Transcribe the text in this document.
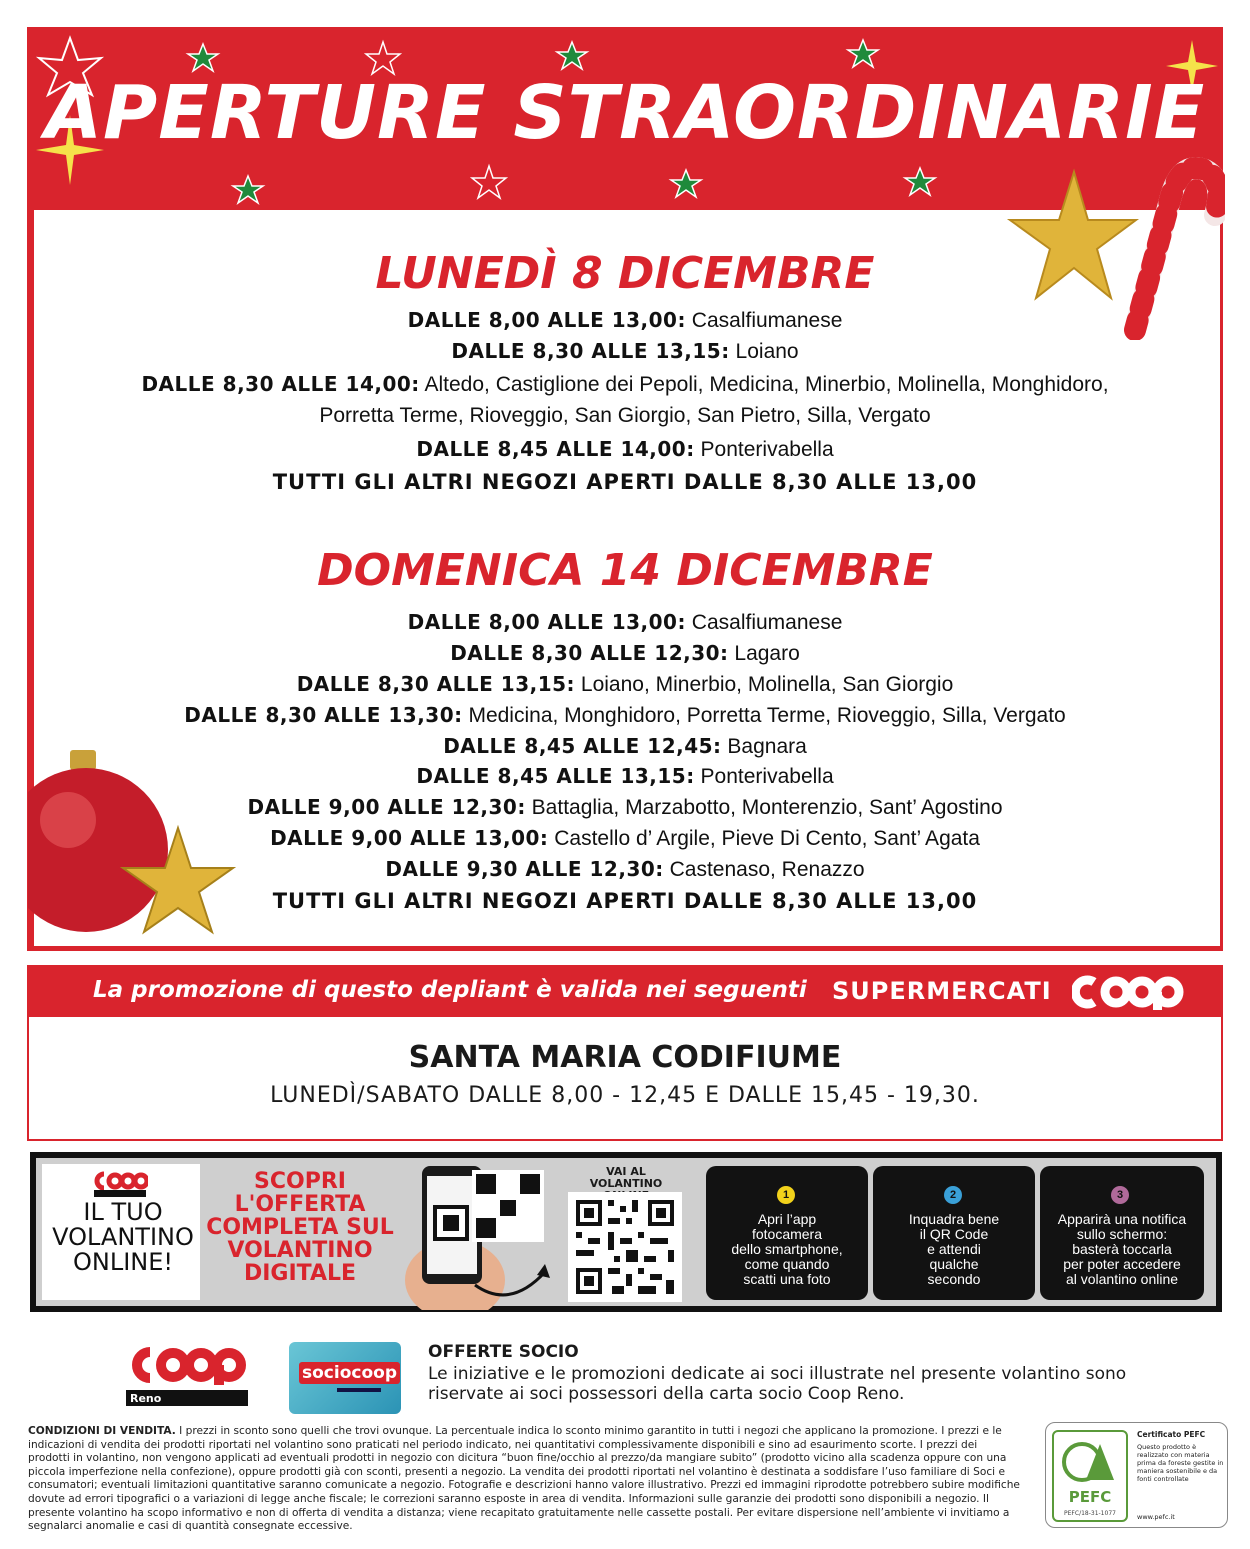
APERTURE STRAORDINARIE
LUNEDÌ 8 DICEMBRE
DALLE 8,00 ALLE 13,00: Casalfiumanese
DALLE 8,30 ALLE 13,15: Loiano
DALLE 8,30 ALLE 14,00: Altedo, Castiglione dei Pepoli, Medicina, Minerbio, Molinella, Monghidoro,
Porretta Terme, Rioveggio, San Giorgio, San Pietro, Silla, Vergato
DALLE 8,45 ALLE 14,00: Ponterivabella
TUTTI GLI ALTRI NEGOZI APERTI DALLE 8,30 ALLE 13,00
DOMENICA 14 DICEMBRE
DALLE 8,00 ALLE 13,00: Casalfiumanese
DALLE 8,30 ALLE 12,30: Lagaro
DALLE 8,30 ALLE 13,15: Loiano, Minerbio, Molinella, San Giorgio
DALLE 8,30 ALLE 13,30: Medicina, Monghidoro, Porretta Terme, Rioveggio, Silla, Vergato
DALLE 8,45 ALLE 12,45: Bagnara
DALLE 8,45 ALLE 13,15: Ponterivabella
DALLE 9,00 ALLE 12,30: Battaglia, Marzabotto, Monterenzio, Sant’ Agostino
DALLE 9,00 ALLE 13,00: Castello d’ Argile, Pieve Di Cento, Sant’ Agata
DALLE 9,30 ALLE 12,30: Castenaso, Renazzo
TUTTI GLI ALTRI NEGOZI APERTI DALLE 8,30 ALLE 13,00
La promozione di questo depliant è valida nei seguenti SUPERMERCATI
SANTA MARIA CODIFIUME
LUNEDÌ/SABATO DALLE 8,00 - 12,45 E DALLE 15,45 - 19,30.
IL TUO
VOLANTINO
ONLINE!
SCOPRI
L'OFFERTA
COMPLETA SUL
VOLANTINO
DIGITALE
VAI AL VOLANTINO
1
Apri l’app
fotocamera
dello smartphone,
come quando
scatti una foto
2
Inquadra bene
il QR Code
e attendi
qualche
secondo
3
Apparirà una notifica
sullo schermo:
basterà toccarla
per poter accedere
al volantino online
Reno
sociocoop
OFFERTE SOCIO
Le iniziative e le promozioni dedicate ai soci illustrate nel presente volantino sono riservate ai soci possessori della carta socio Coop Reno.
CONDIZIONI DI VENDITA. I prezzi in sconto sono quelli che trovi ovunque. La percentuale indica lo sconto minimo garantito in tutti i negozi che applicano la promozione. I prezzi e le indicazioni di vendita dei prodotti riportati nel volantino sono praticati nel periodo indicato, nei quantitativi complessivamente disponibili e sino ad esaurimento scorte. I prezzi dei prodotti in volantino, non vengono applicati ad eventuali prodotti in negozio con dicitura “buon fine/occhio al prezzo/da mangiare subito” (prodotto vicino alla scadenza oppure con una piccola imperfezione nella confezione), oppure prodotti già con sconti, presenti a negozio. La vendita dei prodotti riportati nel volantino è destinata a soddisfare l’uso familiare di Soci e consumatori; eventuali limitazioni quantitative saranno comunicate a negozio. Fotografie e descrizioni hanno valore illustrativo. Prezzi ed immagini riprodotte potrebbero subire modifiche dovute ad errori tipografici o a variazioni di legge anche fiscale; le correzioni saranno esposte in area di vendita. Informazioni sulle garanzie dei prodotti sono disponibili a negozio. Il presente volantino ha scopo informativo e non di offerta di vendita a distanza; viene recapitato gratuitamente nelle cassette postali. Per evitare dispersione nell’ambiente vi invitiamo a segnalarci anomalie e casi di quantità consegnate eccessive.
PEFC
PEFC/18-31-1077
Certificato PEFC
Questo prodotto è realizzato con materia prima da foreste gestite in maniera sostenibile e da fonti controllate
www.pefc.it
